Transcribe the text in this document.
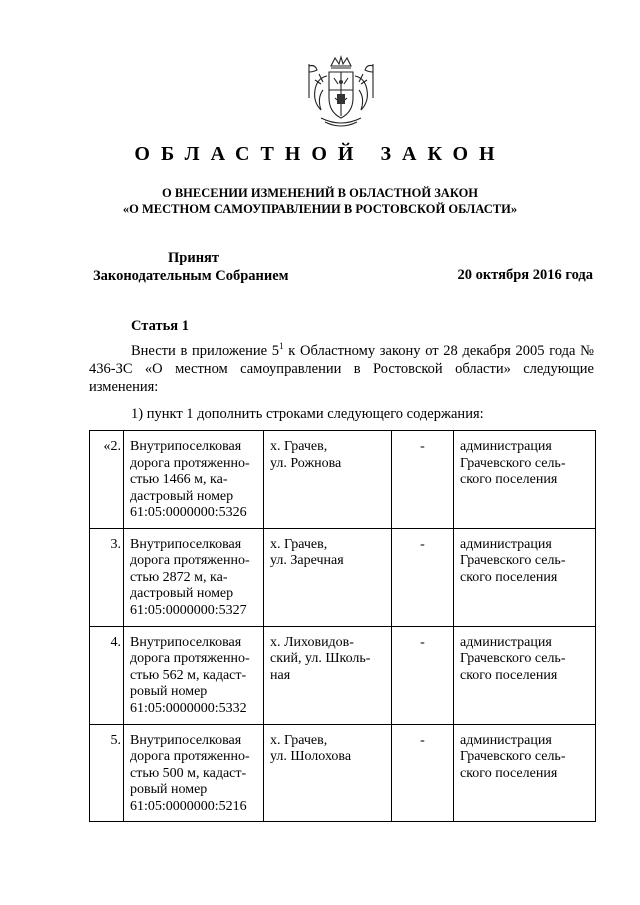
ОБЛАСТНОЙ ЗАКОН
О ВНЕСЕНИИ ИЗМЕНЕНИЙ В ОБЛАСТНОЙ ЗАКОН
«О МЕСТНОМ САМОУПРАВЛЕНИИ В РОСТОВСКОЙ ОБЛАСТИ»
Принят
Законодательным Собранием	20 октября 2016 года
Статья 1
Внести в приложение $5^1$ к Областному закону от 28 декабря 2005 года № 436-ЗС «О местном самоуправлении в Ростовской области» следующие изменения:
1) пункт 1 дополнить строками следующего содержания:
«2.	Внутрипоселковая
дорога протяженно-
стью 1466 м, ка-
дастровый номер
61:05:0000000:5326	х. Грачев,
ул. Рожнова	-	администрация
Грачевского сель-
ского поселения

3.	Внутрипоселковая
дорога протяженно-
стью 2872 м, ка-
дастровый номер
61:05:0000000:5327	х. Грачев,
ул. Заречная	-	администрация
Грачевского сель-
ского поселения

4.	Внутрипоселковая
дорога протяженно-
стью 562 м, кадаст-
ровый номер
61:05:0000000:5332	х. Лиховидов-
ский, ул. Школь-
ная	-	администрация
Грачевского сель-
ского поселения

5.	Внутрипоселковая
дорога протяженно-
стью 500 м, кадаст-
ровый номер
61:05:0000000:5216	х. Грачев,
ул. Шолохова	-	администрация
Грачевского сель-
ского поселения
